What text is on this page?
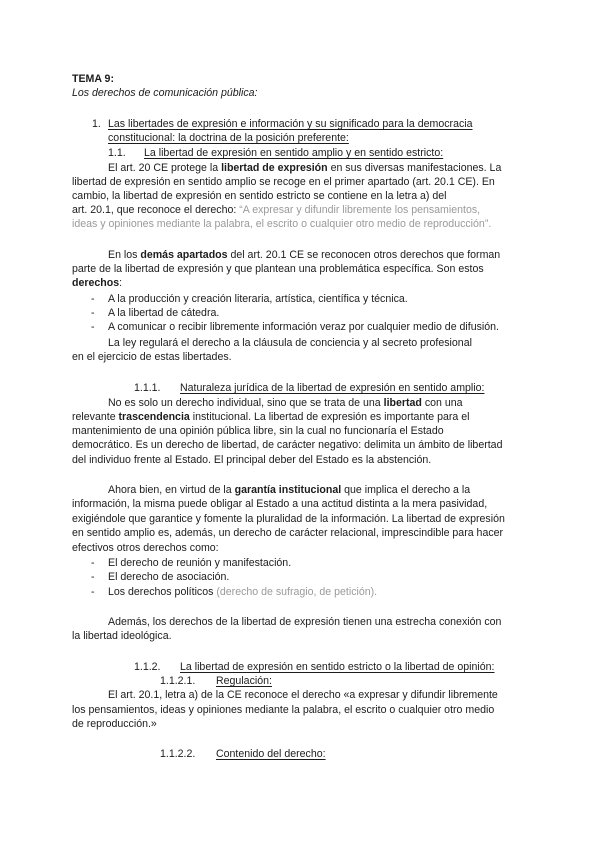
TEMA 9:
Los derechos de comunicación pública:
1. Las libertades de expresión e información y su significado para la democracia
constitucional: la doctrina de la posición preferente:
1.1. La libertad de expresión en sentido amplio y en sentido estricto:
El art. 20 CE protege la libertad de expresión en sus diversas manifestaciones. La
libertad de expresión en sentido amplio se recoge en el primer apartado (art. 20.1 CE). En
cambio, la libertad de expresión en sentido estricto se contiene en la letra a) del
art. 20.1, que reconoce el derecho: “A expresar y difundir libremente los pensamientos,
ideas y opiniones mediante la palabra, el escrito o cualquier otro medio de reproducción”.
En los demás apartados del art. 20.1 CE se reconocen otros derechos que forman
parte de la libertad de expresión y que plantean una problemática específica. Son estos
derechos:
- A la producción y creación literaria, artística, científica y técnica.
- A la libertad de cátedra.
- A comunicar o recibir libremente información veraz por cualquier medio de difusión.
La ley regulará el derecho a la cláusula de conciencia y al secreto profesional
en el ejercicio de estas libertades.
1.1.1. Naturaleza jurídica de la libertad de expresión en sentido amplio:
No es solo un derecho individual, sino que se trata de una libertad con una
relevante trascendencia institucional. La libertad de expresión es importante para el
mantenimiento de una opinión pública libre, sin la cual no funcionaría el Estado
democrático. Es un derecho de libertad, de carácter negativo: delimita un ámbito de libertad
del individuo frente al Estado. El principal deber del Estado es la abstención.
Ahora bien, en virtud de la garantía institucional que implica el derecho a la
información, la misma puede obligar al Estado a una actitud distinta a la mera pasividad,
exigiéndole que garantice y fomente la pluralidad de la información. La libertad de expresión
en sentido amplio es, además, un derecho de carácter relacional, imprescindible para hacer
efectivos otros derechos como:
- El derecho de reunión y manifestación.
- El derecho de asociación.
- Los derechos políticos (derecho de sufragio, de petición).
Además, los derechos de la libertad de expresión tienen una estrecha conexión con
la libertad ideológica.
1.1.2. La libertad de expresión en sentido estricto o la libertad de opinión:
1.1.2.1. Regulación:
El art. 20.1, letra a) de la CE reconoce el derecho «a expresar y difundir libremente
los pensamientos, ideas y opiniones mediante la palabra, el escrito o cualquier otro medio
de reproducción.»
1.1.2.2. Contenido del derecho:
